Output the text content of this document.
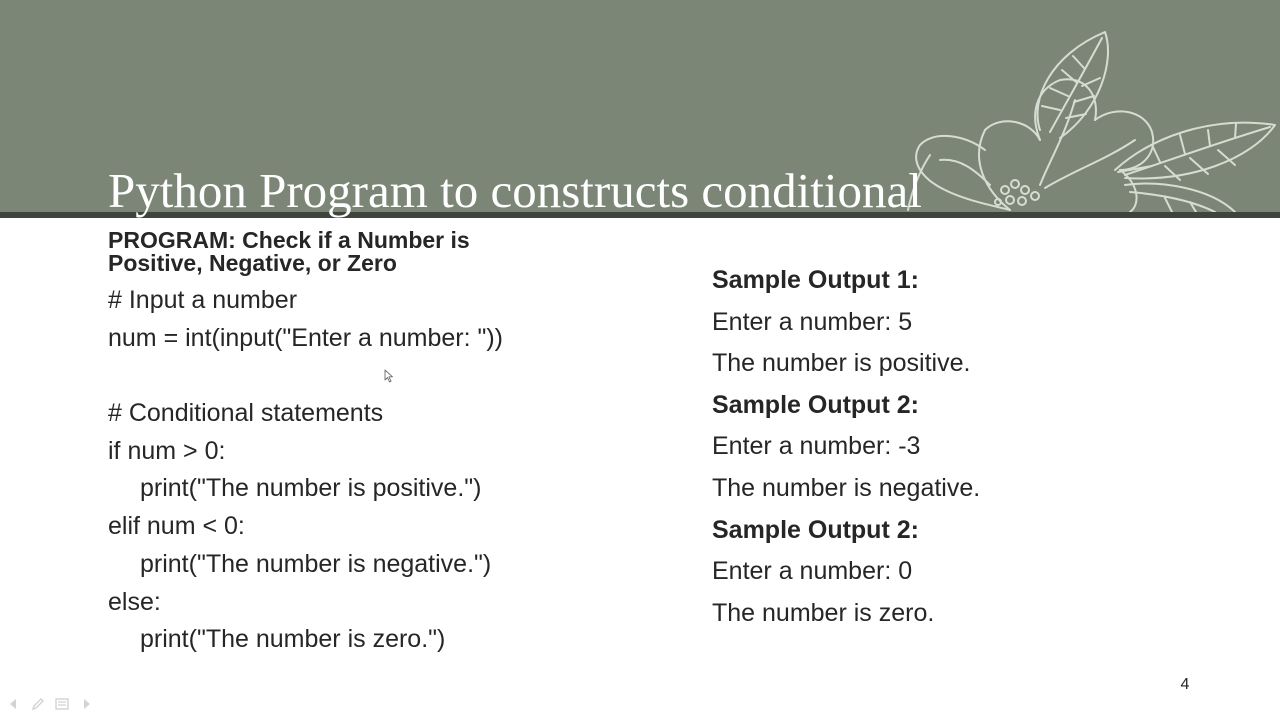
Python Program to constructs conditional

statements

PROGRAM: Check if a Number is
Positive, Negative, or Zero
# Input a number
num = int(input("Enter a number: "))
# Conditional statements
if num > 0:
print("The number is positive.")
elif num < 0:
print("The number is negative.")
else:
print("The number is zero.")
Sample Output 1:
Enter a number: 5
The number is positive.
Sample Output 2:
Enter a number: -3
The number is negative.
Sample Output 2:
Enter a number: 0
The number is zero.
4
